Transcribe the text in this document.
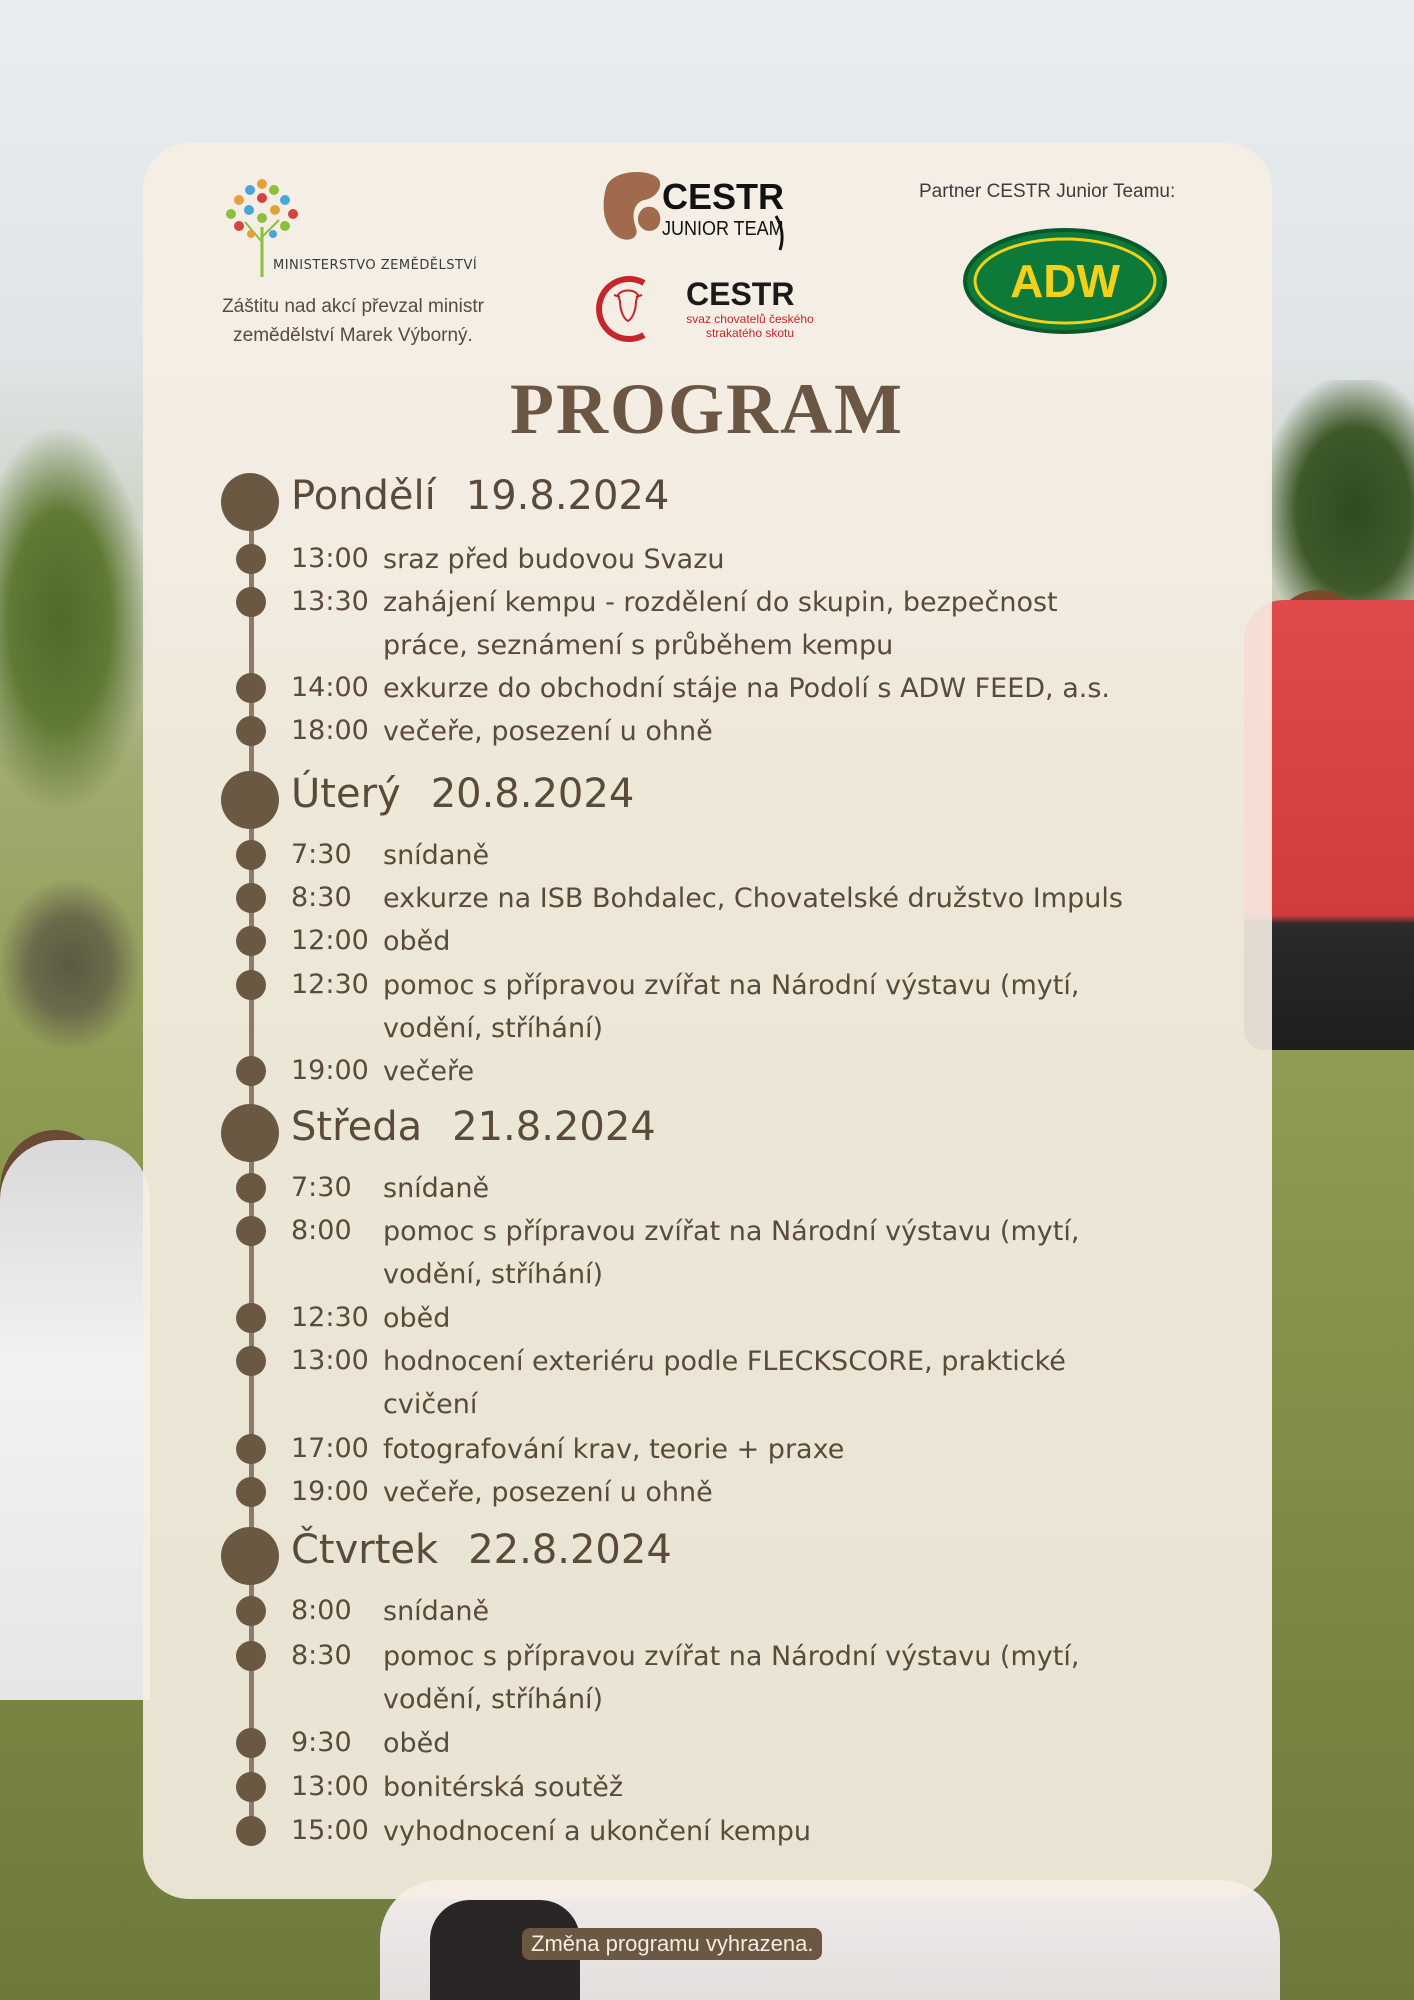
MINISTERSTVO ZEMĚDĚLSTVÍ
Záštitu nad akcí převzal ministr zemědělství Marek Výborný.
CESTR
JUNIOR TEAM
CESTR
svaz chovatelů českého strakatého skotu
Partner CESTR Junior Teamu:
ADW
PROGRAM
Pondělí 19.8.2024
13:00 sraz před budovou Svazu
13:30 zahájení kempu - rozdělení do skupin, bezpečnost práce, seznámení s průběhem kempu
14:00 exkurze do obchodní stáje na Podolí s ADW FEED, a.s.
18:00 večeře, posezení u ohně
Úterý 20.8.2024
7:30 snídaně
8:30 exkurze na ISB Bohdalec, Chovatelské družstvo Impuls
12:00 oběd
12:30 pomoc s přípravou zvířat na Národní výstavu (mytí, vodění, stříhání)
19:00 večeře
Středa 21.8.2024
7:30 snídaně
8:00 pomoc s přípravou zvířat na Národní výstavu (mytí, vodění, stříhání)
12:30 oběd
13:00 hodnocení exteriéru podle FLECKSCORE, praktické cvičení
17:00 fotografování krav, teorie + praxe
19:00 večeře, posezení u ohně
Čtvrtek 22.8.2024
8:00 snídaně
8:30 pomoc s přípravou zvířat na Národní výstavu (mytí, vodění, stříhání)
9:30 oběd
13:00 bonitérská soutěž
15:00 vyhodnocení a ukončení kempu
Změna programu vyhrazena.
